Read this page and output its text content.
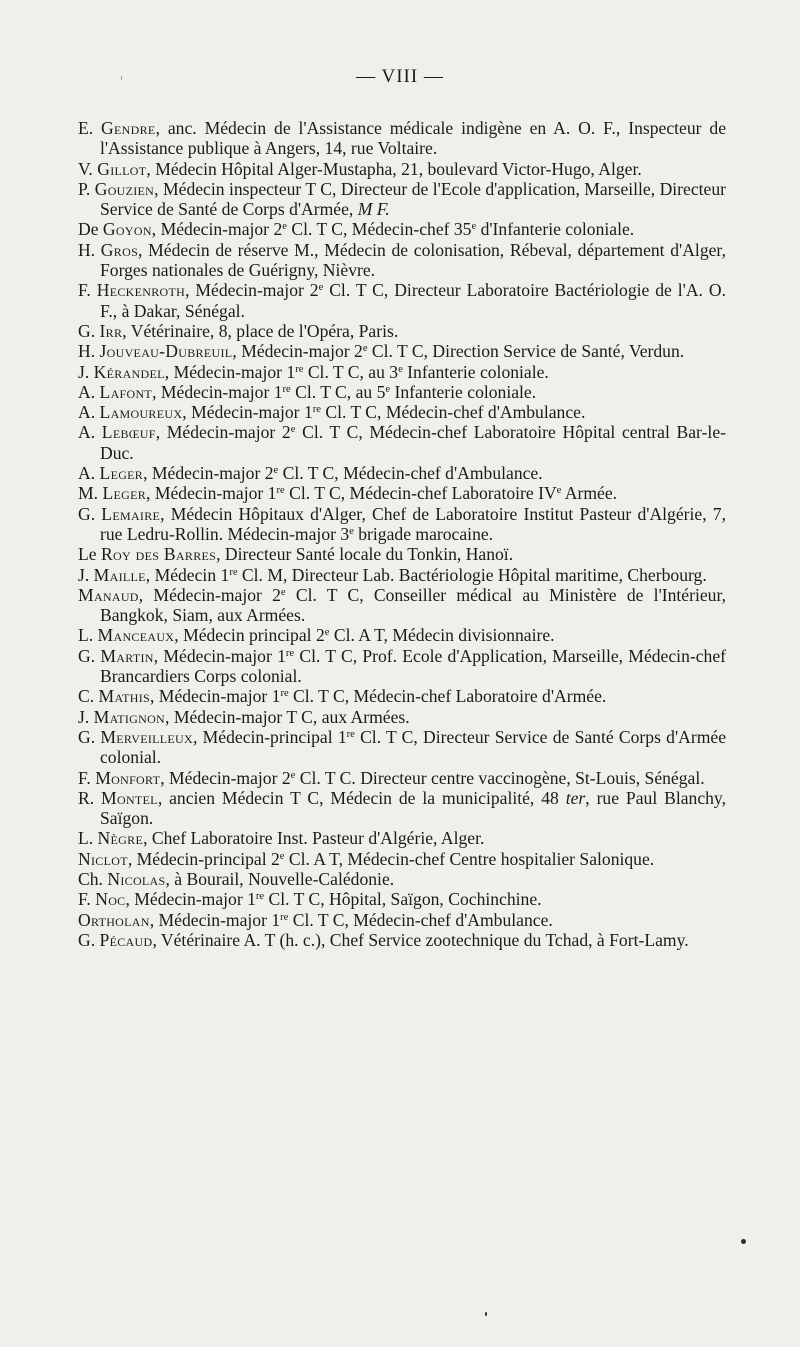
— VIII —

E. Gendre, anc. Médecin de l'Assistance médicale indigène en A. O. F., Inspecteur de l'Assistance publique à Angers, 14, rue Voltaire.

V. Gillot, Médecin Hôpital Alger-Mustapha, 21, boulevard Victor-Hugo, Alger.

P. Gouzien, Médecin inspecteur T C, Directeur de l'Ecole d'application, Marseille, Directeur Service de Santé de Corps d'Armée, M F.

De Goyon, Médecin-major 2e Cl. T C, Médecin-chef 35e d'Infanterie coloniale.

H. Gros, Médecin de réserve M., Médecin de colonisation, Rébeval, département d'Alger, Forges nationales de Guérigny, Nièvre.

F. Heckenroth, Médecin-major 2e Cl. T C, Directeur Laboratoire Bactériologie de l'A. O. F., à Dakar, Sénégal.

G. Irr, Vétérinaire, 8, place de l'Opéra, Paris.

H. Jouveau-Dubreuil, Médecin-major 2e Cl. T C, Direction Service de Santé, Verdun.

J. Kérandel, Médecin-major 1re Cl. T C, au 3e Infanterie coloniale.

A. Lafont, Médecin-major 1re Cl. T C, au 5e Infanterie coloniale.

A. Lamoureux, Médecin-major 1re Cl. T C, Médecin-chef d'Ambulance.

A. Lebœuf, Médecin-major 2e Cl. T C, Médecin-chef Laboratoire Hôpital central Bar-le-Duc.

A. Leger, Médecin-major 2e Cl. T C, Médecin-chef d'Ambulance.

M. Leger, Médecin-major 1re Cl. T C, Médecin-chef Laboratoire IVe Armée.

G. Lemaire, Médecin Hôpitaux d'Alger, Chef de Laboratoire Institut Pasteur d'Algérie, 7, rue Ledru-Rollin. Médecin-major 3e brigade marocaine.

Le Roy des Barres, Directeur Santé locale du Tonkin, Hanoï.

J. Maille, Médecin 1re Cl. M, Directeur Lab. Bactériologie Hôpital maritime, Cherbourg.

Manaud, Médecin-major 2e Cl. T C, Conseiller médical au Ministère de l'Intérieur, Bangkok, Siam, aux Armées.

L. Manceaux, Médecin principal 2e Cl. A T, Médecin divisionnaire.

G. Martin, Médecin-major 1re Cl. T C, Prof. Ecole d'Application, Marseille, Médecin-chef Brancardiers Corps colonial.

C. Mathis, Médecin-major 1re Cl. T C, Médecin-chef Laboratoire d'Armée.

J. Matignon, Médecin-major T C, aux Armées.

G. Merveilleux, Médecin-principal 1re Cl. T C, Directeur Service de Santé Corps d'Armée colonial.

F. Monfort, Médecin-major 2e Cl. T C. Directeur centre vaccinogène, St-Louis, Sénégal.

R. Montel, ancien Médecin T C, Médecin de la municipalité, 48 ter, rue Paul Blanchy, Saïgon.

L. Nègre, Chef Laboratoire Inst. Pasteur d'Algérie, Alger.

Niclot, Médecin-principal 2e Cl. A T, Médecin-chef Centre hospitalier Salonique.

Ch. Nicolas, à Bourail, Nouvelle-Calédonie.

F. Noc, Médecin-major 1re Cl. T C, Hôpital, Saïgon, Cochinchine.

Ortholan, Médecin-major 1re Cl. T C, Médecin-chef d'Ambulance.

G. Pécaud, Vétérinaire A. T (h. c.), Chef Service zootechnique du Tchad, à Fort-Lamy.
